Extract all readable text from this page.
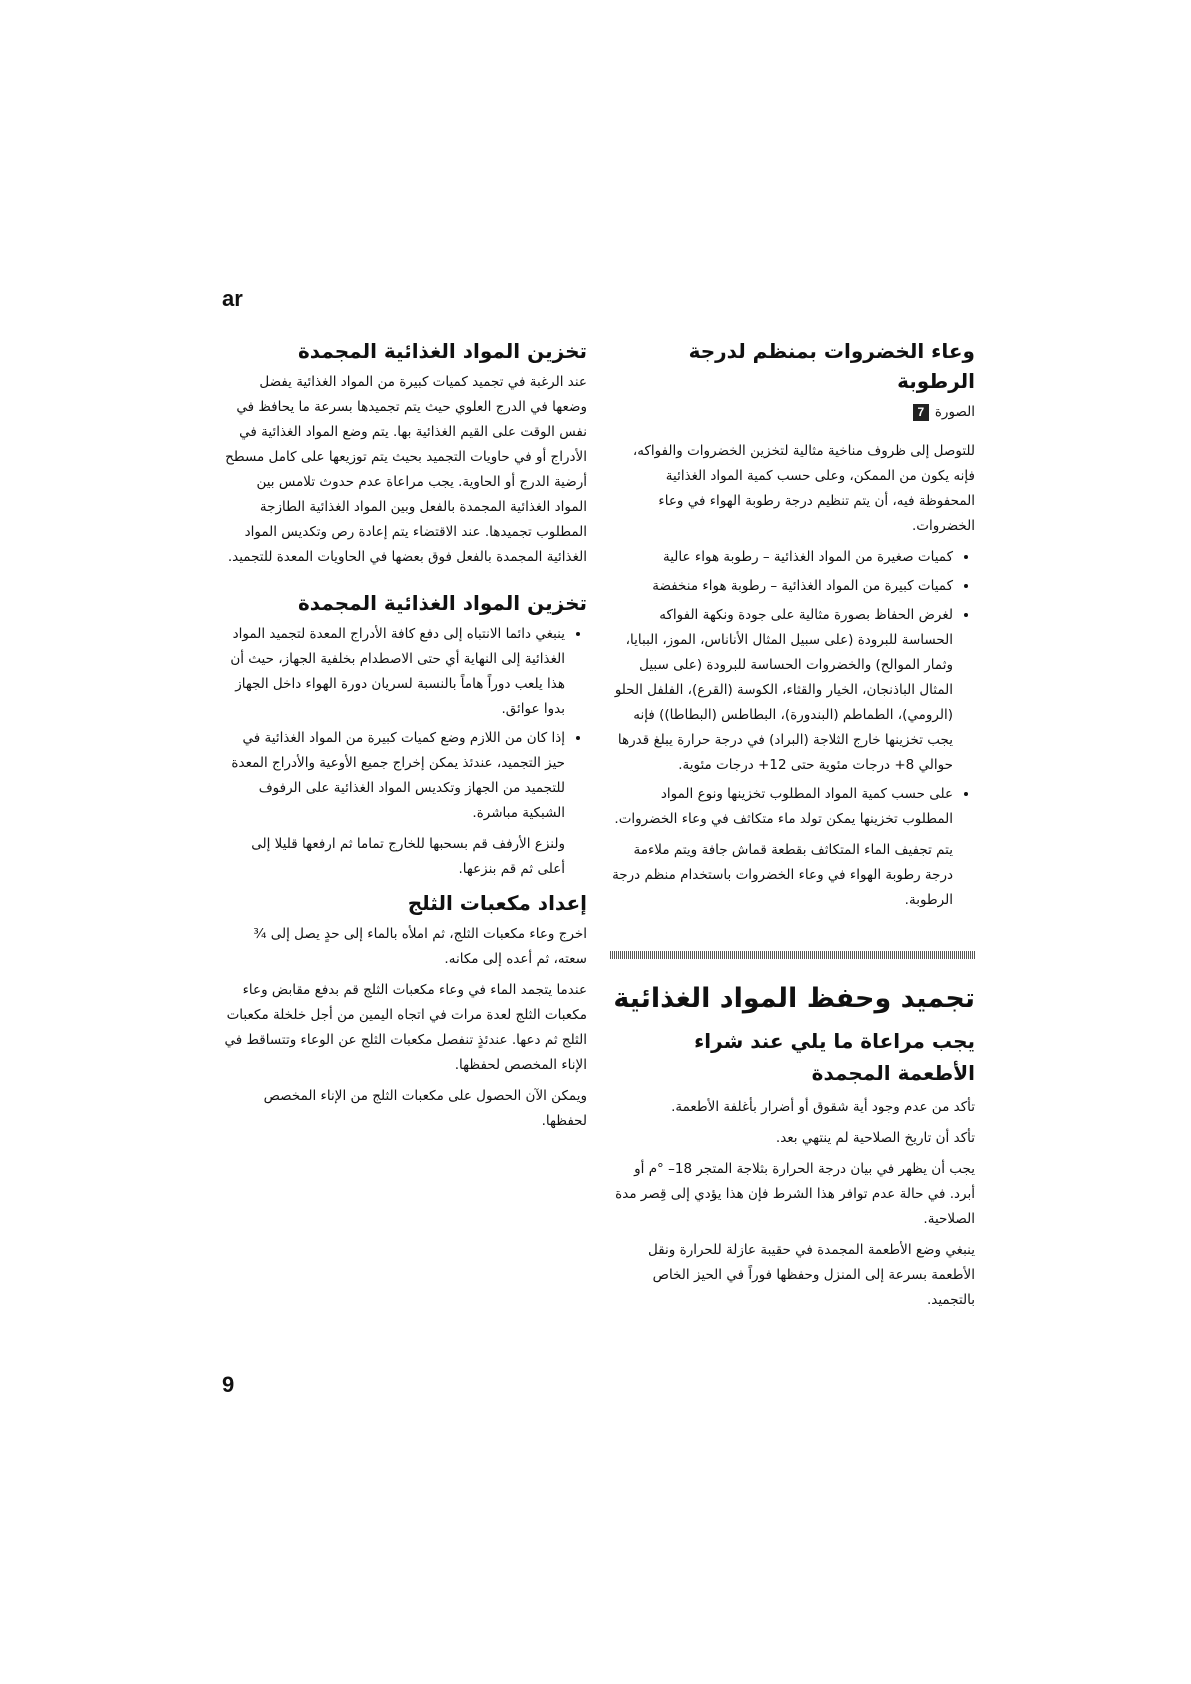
ar
وعاء الخضروات بمنظم لدرجة الرطوبة
الصورة
7

للتوصل إلى ظروف مناخية مثالية لتخزين الخضروات والفواكه، فإنه يكون من الممكن، وعلى حسب كمية المواد الغذائية المحفوظة فيه، أن يتم تنظيم درجة رطوبة الهواء في وعاء الخضروات.

• كميات صغيرة من المواد الغذائية – رطوبة هواء عالية
• كميات كبيرة من المواد الغذائية – رطوبة هواء منخفضة
• لغرض الحفاظ بصورة مثالية على جودة ونكهة الفواكه الحساسة للبرودة (على سبيل المثال الأناناس، الموز، الببايا، وثمار الموالح) والخضروات الحساسة للبرودة (على سبيل المثال الباذنجان، الخيار والقثاء، الكوسة (القرع)، الفلفل الحلو (الرومي)، الطماطم (البندورة)، البطاطس (البطاطا)) فإنه يجب تخزينها خارج الثلاجة (البراد) في درجة حرارة يبلغ قدرها حوالي 8+ درجات مئوية حتى 12+ درجات مئوية.
• على حسب كمية المواد المطلوب تخزينها ونوع المواد المطلوب تخزينها يمكن تولد ماء متكاثف في وعاء الخضروات.

يتم تجفيف الماء المتكاثف بقطعة قماش جافة ويتم ملاءمة درجة رطوبة الهواء في وعاء الخضروات باستخدام منظم درجة الرطوبة.

تجميد وحفظ المواد الغذائية
يجب مراعاة ما يلي عند شراء الأطعمة المجمدة

تأكد من عدم وجود أية شقوق أو أضرار بأغلفة الأطعمة.

تأكد أن تاريخ الصلاحية لم ينتهي بعد.

يجب أن يظهر في بيان درجة الحرارة بثلاجة المتجر 18– °م أو أبرد. في حالة عدم توافر هذا الشرط فإن هذا يؤدي إلى قِصر مدة الصلاحية.

ينبغي وضع الأطعمة المجمدة في حقيبة عازلة للحرارة ونقل الأطعمة بسرعة إلى المنزل وحفظها فوراً في الحيز الخاص بالتجميد.

تخزين المواد الغذائية المجمدة

عند الرغبة في تجميد كميات كبيرة من المواد الغذائية يفضل وضعها في الدرج العلوي حيث يتم تجميدها بسرعة ما يحافظ في نفس الوقت على القيم الغذائية بها. يتم وضع المواد الغذائية في الأدراج أو في حاويات التجميد بحيث يتم توزيعها على كامل مسطح أرضية الدرج أو الحاوية. يجب مراعاة عدم حدوث تلامس بين المواد الغذائية المجمدة بالفعل وبين المواد الغذائية الطازجة المطلوب تجميدها. عند الاقتضاء يتم إعادة رص وتكديس المواد الغذائية المجمدة بالفعل فوق بعضها في الحاويات المعدة للتجميد.

تخزين المواد الغذائية المجمدة
• ينبغي دائما الانتباه إلى دفع كافة الأدراج المعدة لتجميد المواد الغذائية إلى النهاية أي حتى الاصطدام بخلفية الجهاز، حيث أن هذا يلعب دوراً هاماً بالنسبة لسريان دورة الهواء داخل الجهاز بدوا عوائق.
• إذا كان من اللازم وضع كميات كبيرة من المواد الغذائية في حيز التجميد، عندئذ يمكن إخراج جميع الأوعية والأدراج المعدة للتجميد من الجهاز وتكديس المواد الغذائية على الرفوف الشبكية مباشرة.

ولنزع الأرفف قم بسحبها للخارج تماما ثم ارفعها قليلا إلى أعلى ثم قم بنزعها.

إعداد مكعبات الثلج

اخرج وعاء مكعبات الثلج، ثم املأه بالماء إلى حدٍ يصل إلى ¾ سعته، ثم أعده إلى مكانه.

عندما يتجمد الماء في وعاء مكعبات الثلج قم بدفع مقابض وعاء مكعبات الثلج لعدة مرات في اتجاه اليمين من أجل خلخلة مكعبات الثلج ثم دعها. عندئذٍ تنفصل مكعبات الثلج عن الوعاء وتتساقط في الإناء المخصص لحفظها.

ويمكن الآن الحصول على مكعبات الثلج من الإناء المخصص لحفظها.

9
